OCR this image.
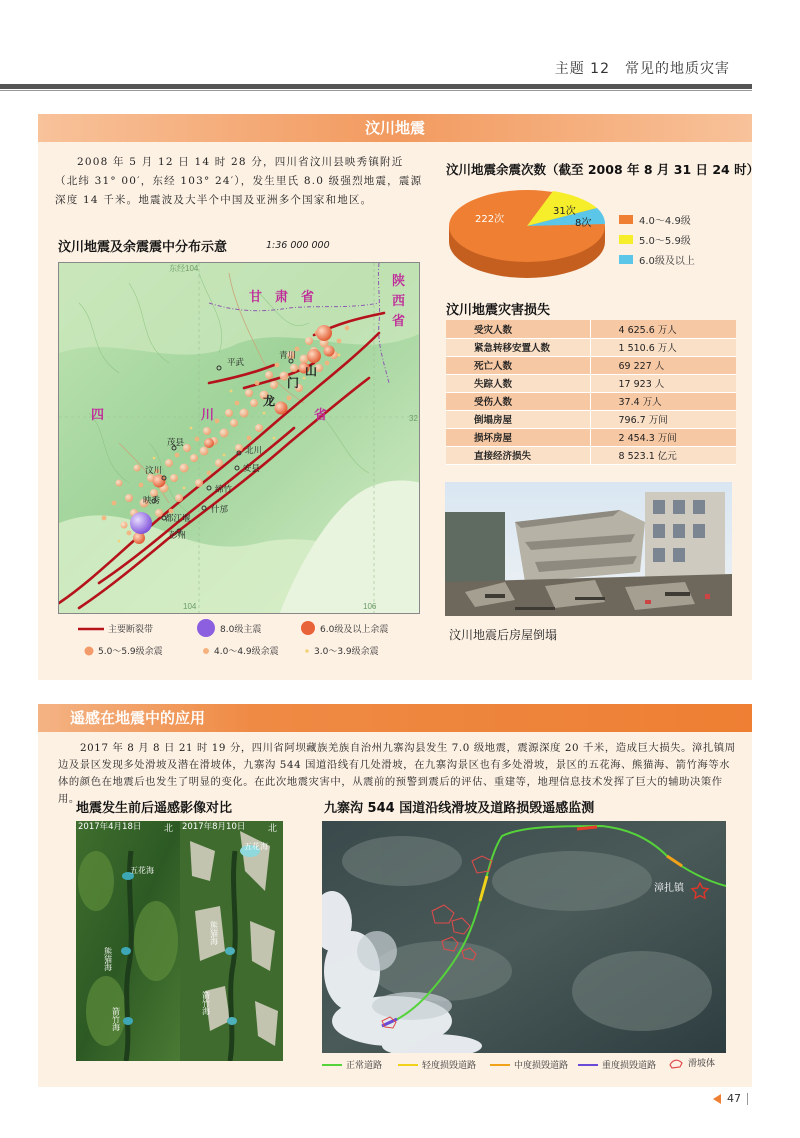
主题 12　常见的地质灾害
汶川地震
2008 年 5 月 12 日 14 时 28 分，四川省汶川县映秀镇附近（北纬 31° 00′，东经 103° 24′），发生里氏 8.0 级强烈地震，震源深度 14 千米。地震波及大半个中国及亚洲多个国家和地区。
汶川地震及余震震中分布示意	1:36 000 000
平武
青川
北川
茂县
安县
汶川
绵竹
映秀
什邡
都江堰
彭州
东经104
32
104	106
甘　肃　省
陕
西
省
四	川	省
门
山
龙
主要断裂带	8.0级主震	6.0级及以上余震
5.0～5.9级余震	4.0～4.9级余震	3.0～3.9级余震
汶川地震余震次数（截至 2008 年 8 月 31 日 24 时）
222次
31次
8次	4.0～4.9级
5.0～5.9级
6.0级及以上
汶川地震灾害损失
受灾人数	4 625.6 万人
紧急转移安置人数	1 510.6 万人
死亡人数	69 227 人
失踪人数	17 923 人
受伤人数	37.4 万人
倒塌房屋	796.7 万间
损坏房屋	2 454.3 万间
直接经济损失	8 523.1 亿元
汶川地震后房屋倒塌
遥感在地震中的应用
2017 年 8 月 8 日 21 时 19 分，四川省阿坝藏族羌族自治州九寨沟县发生 7.0 级地震，震源深度 20 千米，造成巨大损失。漳扎镇周边及景区发现多处滑坡及潜在滑坡体，九寨沟 544 国道沿线有几处滑坡，在九寨沟景区也有多处滑坡，景区的五花海、熊猫海、箭竹海等水体的颜色在地震后也发生了明显的变化。在此次地震灾害中，从震前的预警到震后的评估、重建等，地理信息技术发挥了巨大的辅助决策作用。
地震发生前后遥感影像对比	九寨沟 544 国道沿线滑坡及道路损毁遥感监测
2017年4月18日	北
五花海
熊猫海
箭竹海
2017年8月10日	北
五花海
熊猫海
箭竹海
漳扎镇
正常道路	轻度损毁道路	中度损毁道路	重度损毁道路	滑坡体
47
